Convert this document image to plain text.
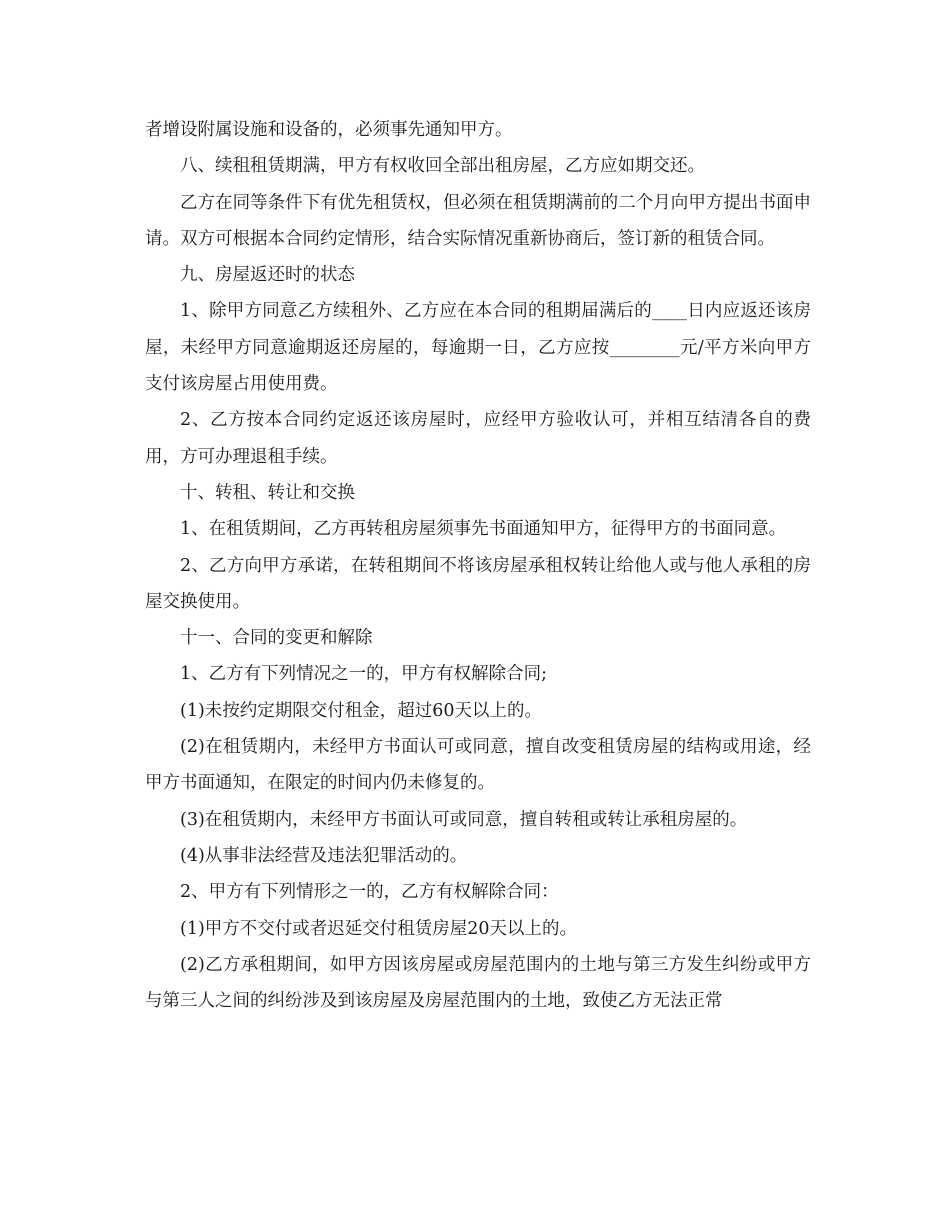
者增设附属设施和设备的，必须事先通知甲方。

八、续租租赁期满，甲方有权收回全部出租房屋，乙方应如期交还。

乙方在同等条件下有优先租赁权，但必须在租赁期满前的二个月向甲方提出书面申请。双方可根据本合同约定情形，结合实际情况重新协商后，签订新的租赁合同。

九、房屋返还时的状态

1、除甲方同意乙方续租外、乙方应在本合同的租期届满后的____日内应返还该房屋，未经甲方同意逾期返还房屋的，每逾期一日，乙方应按________元/平方米向甲方支付该房屋占用使用费。

2、乙方按本合同约定返还该房屋时，应经甲方验收认可，并相互结清各自的费用，方可办理退租手续。

十、转租、转让和交换

1、在租赁期间，乙方再转租房屋须事先书面通知甲方，征得甲方的书面同意。

2、乙方向甲方承诺，在转租期间不将该房屋承租权转让给他人或与他人承租的房屋交换使用。

十一、合同的变更和解除

1、乙方有下列情况之一的，甲方有权解除合同;

(1)未按约定期限交付租金，超过60天以上的。

(2)在租赁期内，未经甲方书面认可或同意，擅自改变租赁房屋的结构或用途，经甲方书面通知，在限定的时间内仍未修复的。

(3)在租赁期内，未经甲方书面认可或同意，擅自转租或转让承租房屋的。

(4)从事非法经营及违法犯罪活动的。

2、甲方有下列情形之一的，乙方有权解除合同：

(1)甲方不交付或者迟延交付租赁房屋20天以上的。

(2)乙方承租期间，如甲方因该房屋或房屋范围内的土地与第三方发生纠纷或甲方与第三人之间的纠纷涉及到该房屋及房屋范围内的土地，致使乙方无法正常
